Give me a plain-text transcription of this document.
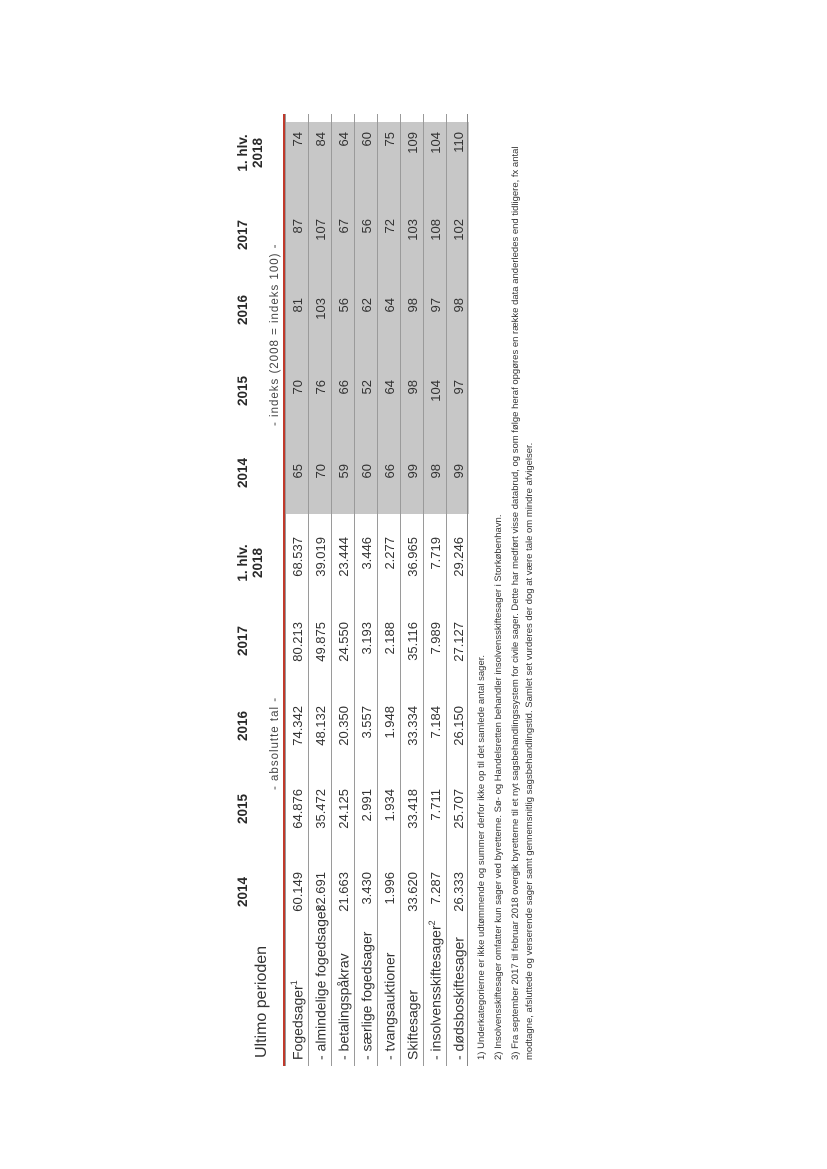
Ultimo perioden
2014
2015
2016
2017
1. hlv. 2018
2014
2015
2016
2017
1. hlv. 2018
- absolutte tal -
- indeks (2008 = indeks 100) -
Fogedsager$^1$
60.149
64.876
74.342
80.213
68.537
65
70
81
87
74
- almindelige fogedsager
32.691
35.472
48.132
49.875
39.019
70
76
103
107
84
- betalingspåkrav
21.663
24.125
20.350
24.550
23.444
59
66
56
67
64
- særlige fogedsager
3.430
2.991
3.557
3.193
3.446
60
52
62
56
60
- tvangsauktioner
1.996
1.934
1.948
2.188
2.277
66
64
64
72
75
Skiftesager
33.620
33.418
33.334
35.116
36.965
99
98
98
103
109
- insolvensskiftesager$^2$
7.287
7.711
7.184
7.989
7.719
98
104
97
108
104
- dødsboskiftesager
26.333
25.707
26.150
27.127
29.246
99
97
98
102
110

1) Underkategorierne er ikke udtømmende og summer derfor ikke op til det samlede antal sager. 2) Insolvensskiftesager omfatter kun sager ved byretterne. Sø- og Handelsretten behandler insolvensskiftesager i Storkøbenhavn. 3) Fra september 2017 til februar 2018 overgik byretterne til et nyt sagsbehandlingssystem for civile sager. Dette har medført visse databrud, og som følge heraf opgøres en række data anderledes end tidligere, fx antal modtagne, afsluttede og verserende sager samt gennemsnitlig sagsbehandlingstid. Samlet set vurderes der dog at være tale om mindre afvigelser.
